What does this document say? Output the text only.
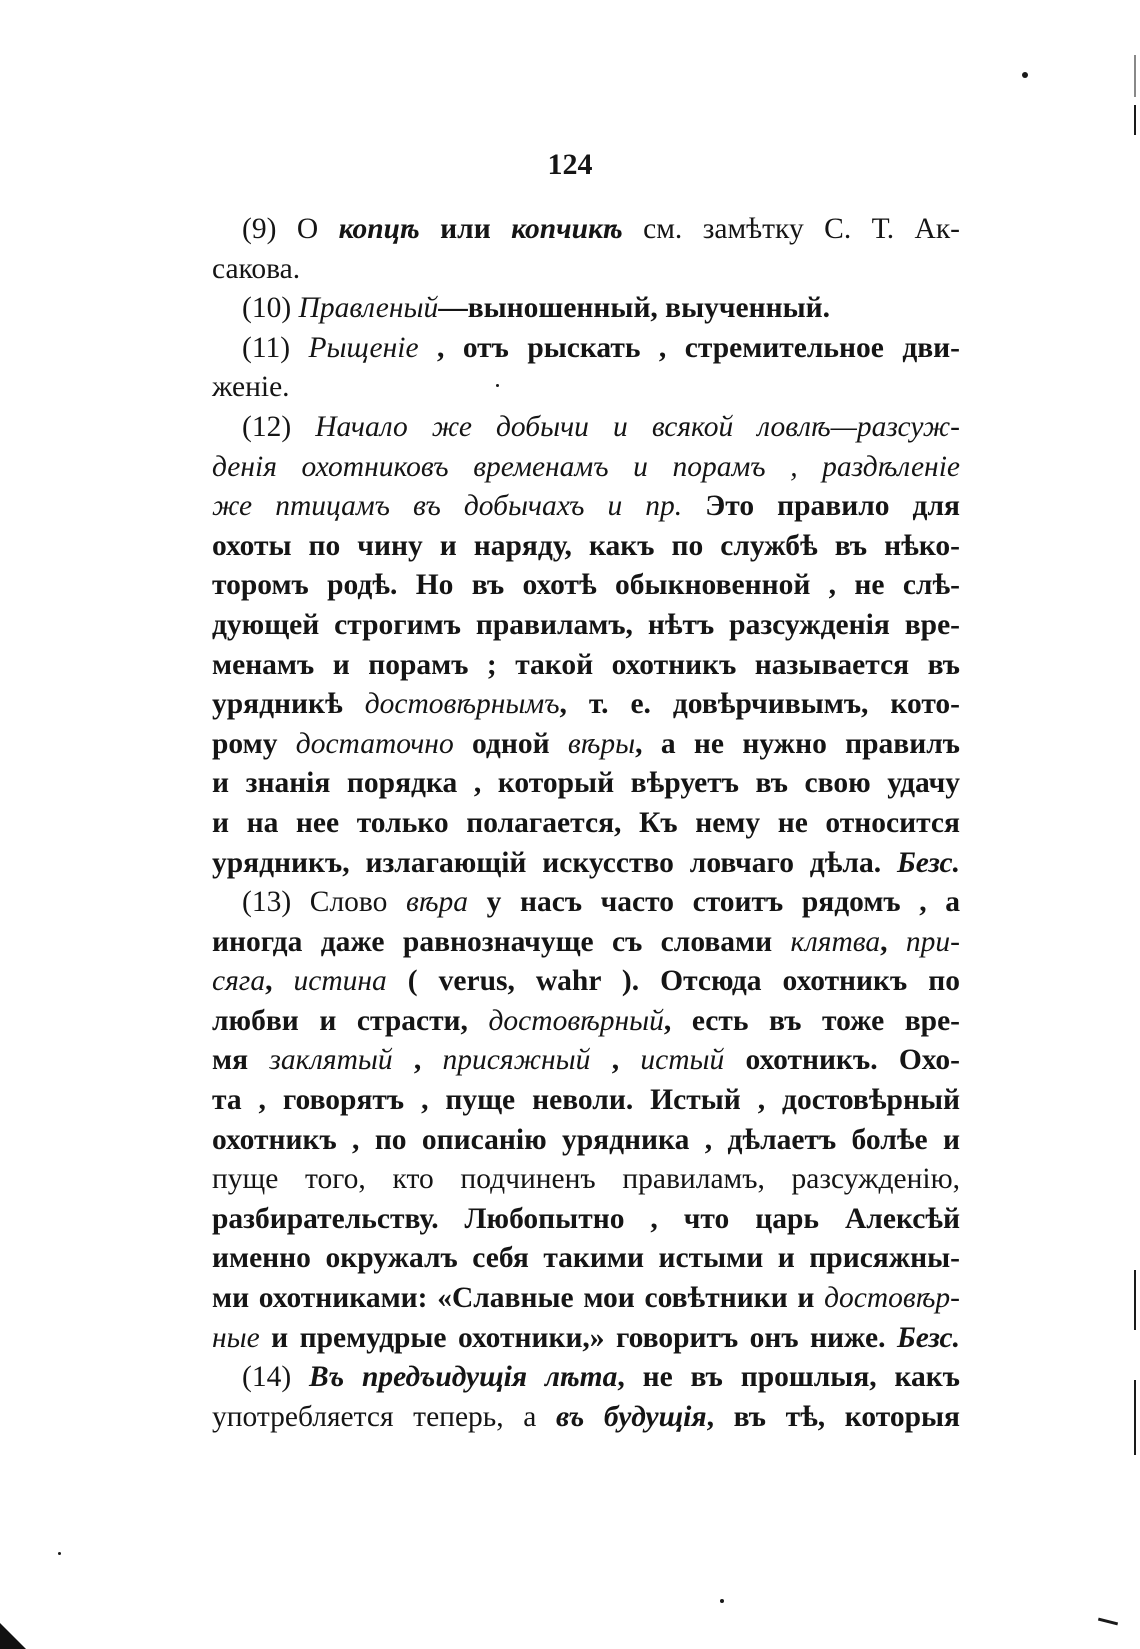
124
(9) О копцѣ или копчикѣ см. замѣтку С. Т. Ак-
сакова.
(10) Правленый—выношенный, выученный.
(11) Рыщеніе , отъ рыскать , стремительное дви-
женіе.
(12) Начало же добычи и всякой ловлѣ—разсуж-
денія охотниковъ временамъ и порамъ , раздѣленіе
же птицамъ въ добычахъ и пр. Это правило для
охоты по чину и наряду, какъ по службѣ въ нѣко-
торомъ родѣ. Но въ охотѣ обыкновенной , не слѣ-
дующей строгимъ правиламъ, нѣтъ разсужденія вре-
менамъ и порамъ ; такой охотникъ называется въ
урядникѣ достовѣрнымъ, т. е. довѣрчивымъ, кото-
рому достаточно одной вѣры, а не нужно правилъ
и знанія порядка , который вѣруетъ въ свою удачу
и на нее только полагается, Къ нему не относится
урядникъ, излагающій искусство ловчаго дѣла. Безс.
(13) Слово вѣра у насъ часто стоитъ рядомъ , а
иногда даже равнозначуще съ словами клятва, при-
сяга, истина ( verus, wahr ). Отсюда охотникъ по
любви и страсти, достовѣрный, есть въ тоже вре-
мя заклятый , присяжный , истый охотникъ. Охо-
та , говорятъ , пуще неволи. Истый , достовѣрный
охотникъ , по описанію урядника , дѣлаетъ болѣе и
пуще того, кто подчиненъ правиламъ, разсужденію,
разбирательству. Любопытно , что царь Алексѣй
именно окружалъ себя такими истыми и присяжны-
ми охотниками: «Славные мои совѣтники и достовѣр-
ные и премудрые охотники,» говоритъ онъ ниже. Безс.
(14) Въ предъидущія лѣта, не въ прошлыя, какъ
употребляется теперь, а въ будущія, въ тѣ, которыя
